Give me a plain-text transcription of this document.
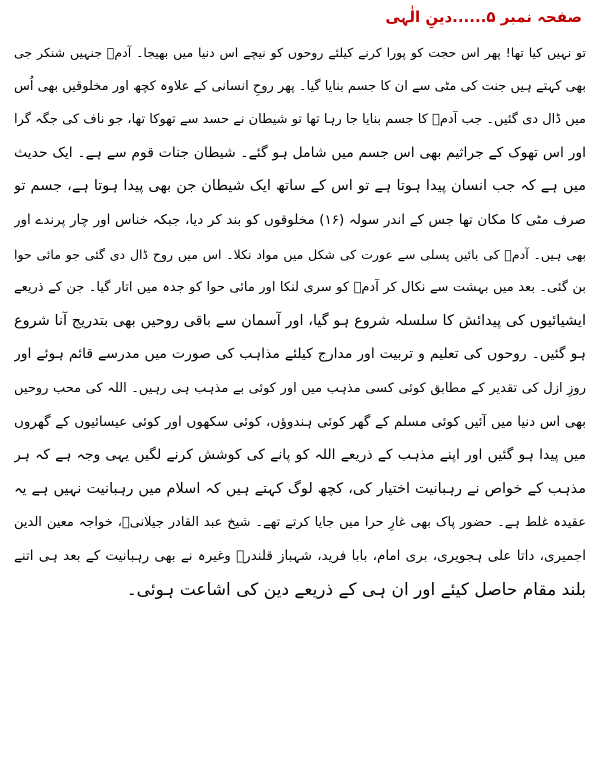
صفحہ نمبر ۵......دینِ الٰہی
تو نہیں کیا تھا! پھر اس حجت کو پورا کرنے کیلئے روحوں کو نیچے اس دنیا میں بھیجا۔ آدمؑ جنہیں شنکر جی
بھی کہتے ہیں جنت کی مٹی سے ان کا جسم بنایا گیا۔ پھر روحِ انسانی کے علاوہ کچھ اور مخلوقیں بھی اُس
میں ڈال دی گئیں۔ جب آدمؑ کا جسم بنایا جا رہا تھا تو شیطان نے حسد سے تھوکا تھا، جو ناف کی جگہ گرا
اور اس تھوک کے جراثیم بھی اس جسم میں شامل ہو گئے۔ شیطان جنات قوم سے ہے۔ ایک حدیث
میں ہے کہ جب انسان پیدا ہوتا ہے تو اس کے ساتھ ایک شیطان جن بھی پیدا ہوتا ہے، جسم تو
صرف مٹی کا مکان تھا جس کے اندر سولہ (۱۶) مخلوقوں کو بند کر دیا، جبکہ خناس اور چار پرندے اور
بھی ہیں۔ آدمؑ کی بائیں پسلی سے عورت کی شکل میں مواد نکلا۔ اس میں روح ڈال دی گئی جو مائی حوا
بن گئی۔ بعد میں بہشت سے نکال کر آدمؑ کو سری لنکا اور مائی حوا کو جدہ میں اتار گیا۔ جن کے ذریعے
ایشیائیوں کی پیدائش کا سلسلہ شروع ہو گیا، اور آسمان سے باقی روحیں بھی بتدریج آنا شروع
ہو گئیں۔ روحوں کی تعلیم و تربیت اور مدارج کیلئے مذاہب کی صورت میں مدرسے قائم ہوئے اور
روزِ ازل کی تقدیر کے مطابق کوئی کسی مذہب میں اور کوئی بے مذہب ہی رہیں۔ اللہ کی محب روحیں
بھی اس دنیا میں آئیں کوئی مسلم کے گھر کوئی ہندوؤں، کوئی سکھوں اور کوئی عیسائیوں کے گھروں
میں پیدا ہو گئیں اور اپنے مذہب کے ذریعے اللہ کو پانے کی کوشش کرنے لگیں یہی وجہ ہے کہ ہر
مذہب کے خواص نے رہبانیت اختیار کی، کچھ لوگ کہتے ہیں کہ اسلام میں رہبانیت نہیں ہے یہ
عقیدہ غلط ہے۔ حضور پاک بھی غارِ حرا میں جایا کرتے تھے۔ شیخ عبد القادر جیلانیؒ، خواجہ معین الدین
اجمیری، داتا علی ہجویری، بری امام، بابا فرید، شہباز قلندرؒ وغیرہ نے بھی رہبانیت کے بعد ہی اتنے
بلند مقام حاصل کیئے اور ان ہی کے ذریعے دین کی اشاعت ہوئی۔
